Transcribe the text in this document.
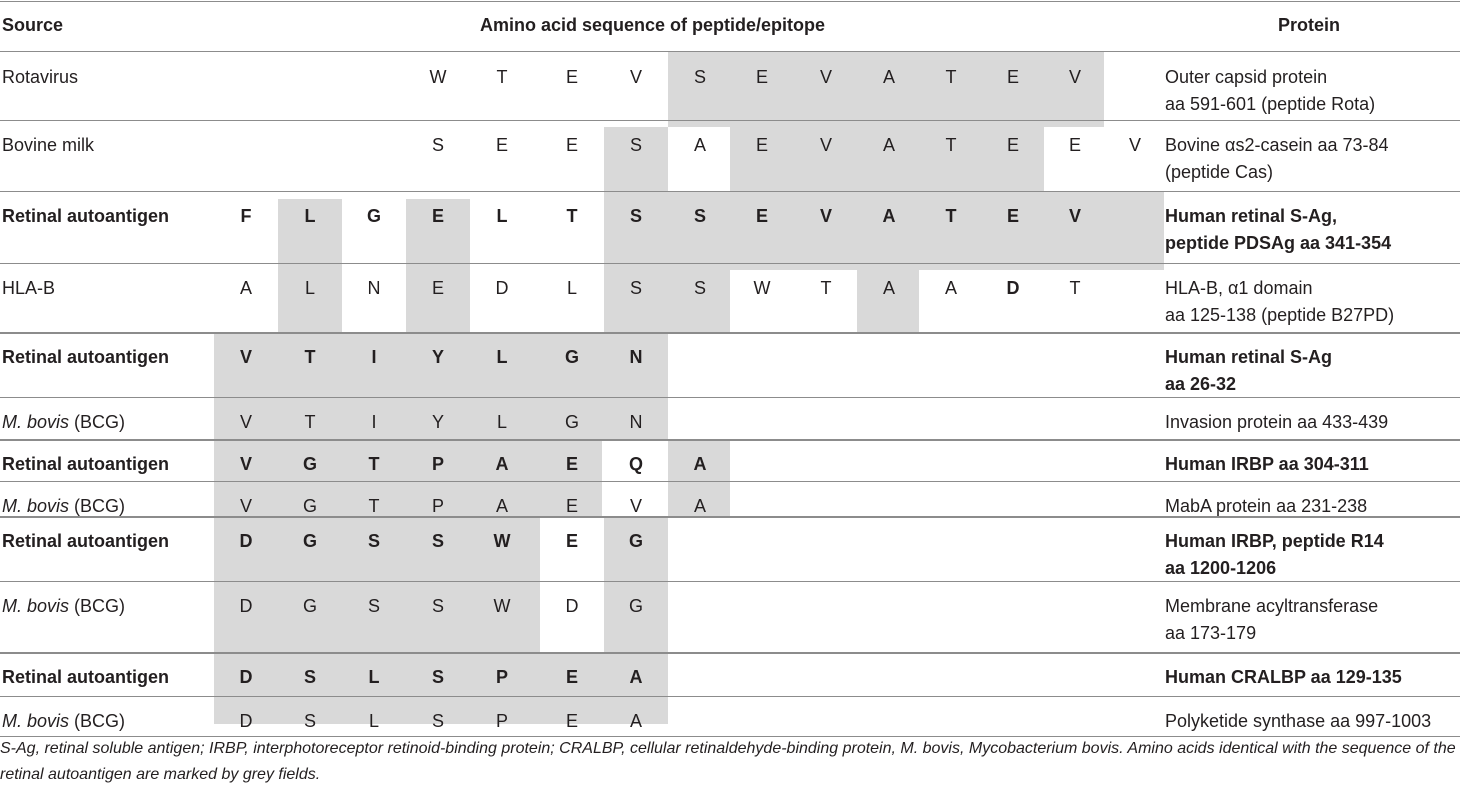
Source	Amino acid sequence of peptide/epitope	Protein
Rotavirus	W	T	E	V	S	E	V	A	T	E	V	Outer capsid protein
aa 591-601 (peptide Rota)
Bovine milk	S	E	E	S	A	E	V	A	T	E	E	V	Bovine αs2-casein aa 73-84
(peptide Cas)
Retinal autoantigen	F	L	G	E	L	T	S	S	E	V	A	T	E	V	Human retinal S-Ag,
peptide PDSAg aa 341-354
HLA-B	A	L	N	E	D	L	S	S	W	T	A	A	D	T	HLA-B, α1 domain
aa 125-138 (peptide B27PD)
Retinal autoantigen	V	T	I	Y	L	G	N	Human retinal S-Ag
aa 26-32
M. bovis (BCG)	V	T	I	Y	L	G	N	Invasion protein aa 433-439
Retinal autoantigen	V	G	T	P	A	E	Q	A	Human IRBP aa 304-311
M. bovis (BCG)	V	G	T	P	A	E	V	A	MabA protein aa 231-238
Retinal autoantigen	D	G	S	S	W	E	G	Human IRBP, peptide R14
aa 1200-1206
M. bovis (BCG)	D	G	S	S	W	D	G	Membrane acyltransferase
aa 173-179
Retinal autoantigen	D	S	L	S	P	E	A	Human CRALBP aa 129-135
M. bovis (BCG)	D	S	L	S	P	E	A	Polyketide synthase aa 997-1003
S-Ag, retinal soluble antigen; IRBP, interphotoreceptor retinoid-binding protein; CRALBP, cellular retinaldehyde-binding protein, M. bovis, Mycobacterium bovis. Amino acids identical with the sequence of the retinal autoantigen are marked by grey fields.
